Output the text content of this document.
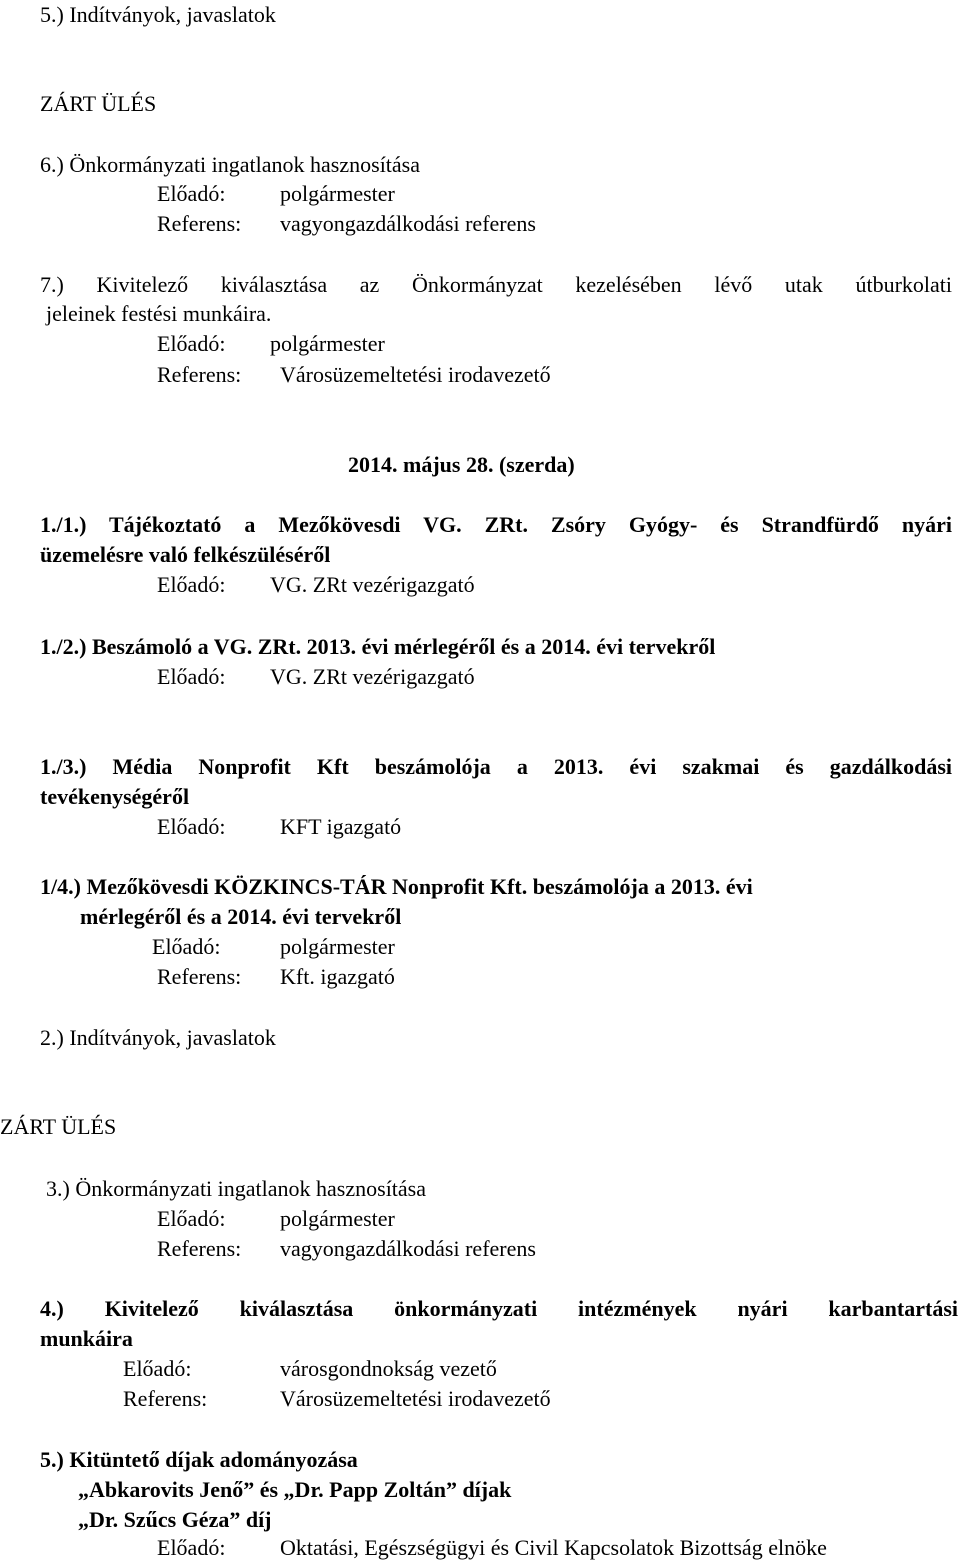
5.) Indítványok, javaslatok
ZÁRT ÜLÉS
6.) Önkormányzati ingatlanok hasznosítása
Előadó: polgármester
Referens: vagyongazdálkodási referens
7.) Kivitelező kiválasztása az Önkormányzat kezelésében lévő utak útburkolati
jeleinek festési munkáira.
Előadó: polgármester
Referens: Városüzemeltetési irodavezető
2014. május 28. (szerda)
1./1.) Tájékoztató a Mezőkövesdi VG. ZRt. Zsóry Gyógy- és Strandfürdő nyári
üzemelésre való felkészüléséről
Előadó: VG. ZRt vezérigazgató
1./2.) Beszámoló a VG. ZRt. 2013. évi mérlegéről és a 2014. évi tervekről
Előadó: VG. ZRt vezérigazgató
1./3.) Média Nonprofit Kft beszámolója a 2013. évi szakmai és gazdálkodási
tevékenységéről
Előadó: KFT igazgató
1/4.) Mezőkövesdi KÖZKINCS-TÁR Nonprofit Kft. beszámolója a 2013. évi
mérlegéről és a 2014. évi tervekről
Előadó:	polgármester
Referens: Kft. igazgató
2.) Indítványok, javaslatok
ZÁRT ÜLÉS
3.) Önkormányzati ingatlanok hasznosítása
Előadó: polgármester
Referens: vagyongazdálkodási referens
4.) Kivitelező kiválasztása önkormányzati intézmények nyári karbantartási
munkáira
Előadó:	városgondnokság vezető
Referens:	Városüzemeltetési irodavezető
5.) Kitüntető díjak adományozása
„Abkarovits Jenő” és „Dr. Papp Zoltán” díjak
„Dr. Szűcs Géza” díj
Előadó: Oktatási, Egészségügyi és Civil Kapcsolatok Bizottság elnöke
